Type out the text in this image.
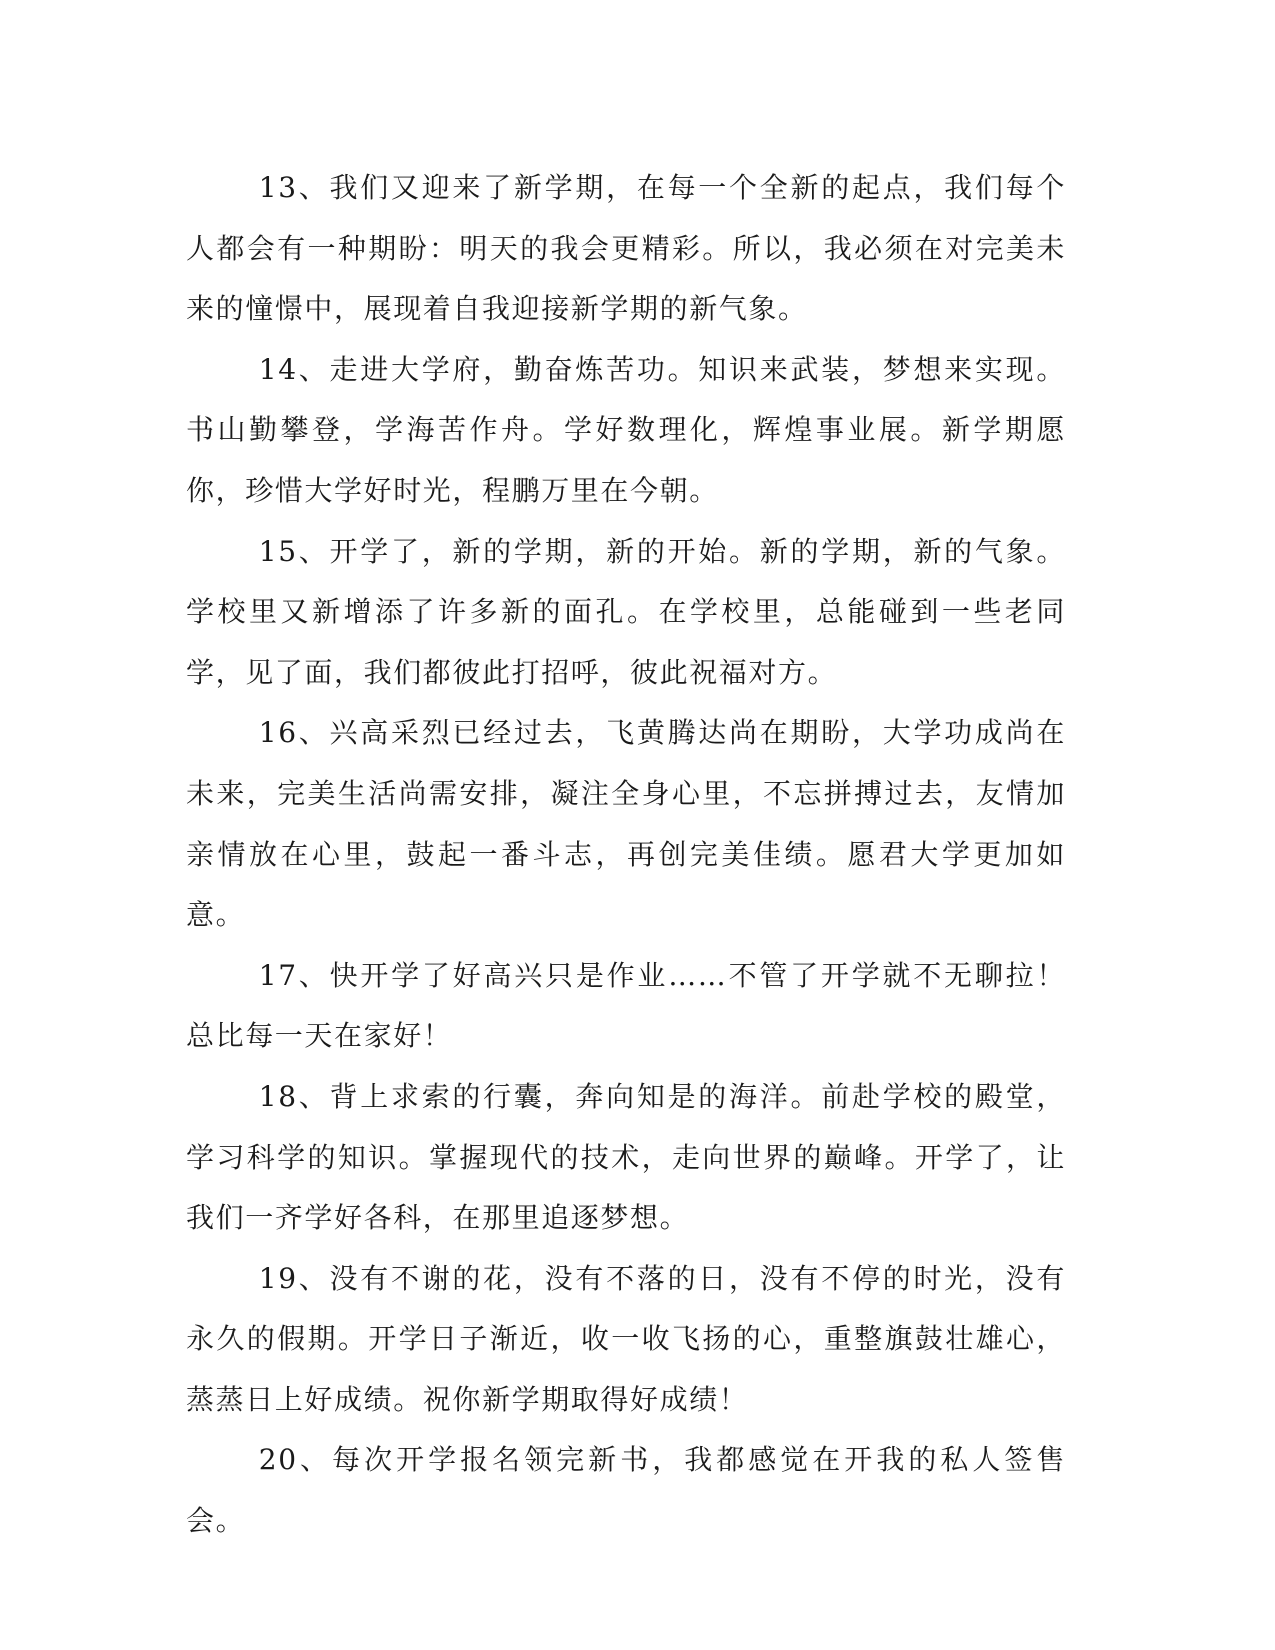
13、我们又迎来了新学期，在每一个全新的起点，我们每个人都会有一种期盼：明天的我会更精彩。所以，我必须在对完美未来的憧憬中，展现着自我迎接新学期的新气象。

14、走进大学府，勤奋炼苦功。知识来武装，梦想来实现。书山勤攀登，学海苦作舟。学好数理化，辉煌事业展。新学期愿你，珍惜大学好时光，程鹏万里在今朝。

15、开学了，新的学期，新的开始。新的学期，新的气象。学校里又新增添了许多新的面孔。在学校里，总能碰到一些老同学，见了面，我们都彼此打招呼，彼此祝福对方。

16、兴高采烈已经过去，飞黄腾达尚在期盼，大学功成尚在未来，完美生活尚需安排，凝注全身心里，不忘拼搏过去，友情加亲情放在心里，鼓起一番斗志，再创完美佳绩。愿君大学更加如意。

17、快开学了好高兴只是作业……不管了开学就不无聊拉！总比每一天在家好！

18、背上求索的行囊，奔向知是的海洋。前赴学校的殿堂，学习科学的知识。掌握现代的技术，走向世界的巅峰。开学了，让我们一齐学好各科，在那里追逐梦想。

19、没有不谢的花，没有不落的日，没有不停的时光，没有永久的假期。开学日子渐近，收一收飞扬的心，重整旗鼓壮雄心，蒸蒸日上好成绩。祝你新学期取得好成绩！

20、每次开学报名领完新书，我都感觉在开我的私人签售会。
